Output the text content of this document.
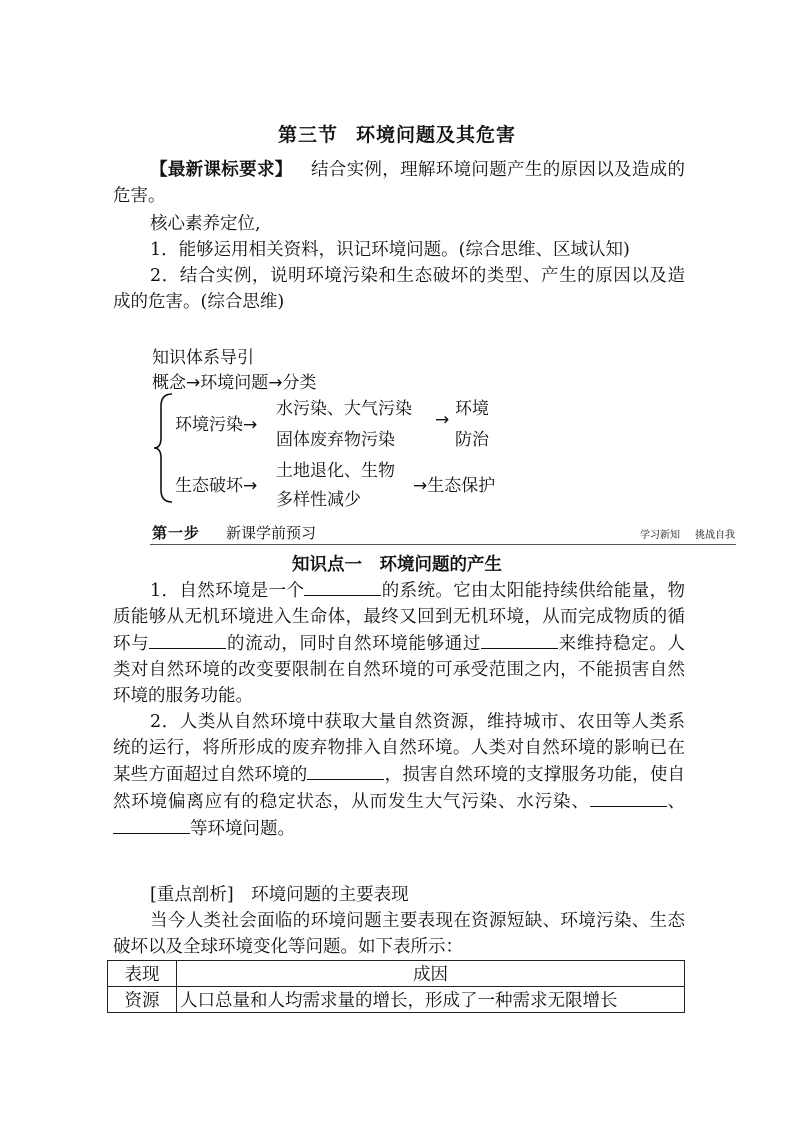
第三节 环境问题及其危害
【最新课标要求】 结合实例，理解环境问题产生的原因以及造成的危害。
核心素养定位,
1．能够运用相关资料，识记环境问题。(综合思维、区域认知)
2．结合实例，说明环境污染和生态破坏的类型、产生的原因以及造成的危害。(综合思维)
知识体系导引
概念→环境问题→分类
环境污染→
水污染、大气污染
固体废弃物污染
→
环境
防治
生态破坏→
土地退化、生物
多样性减少
→生态保护
第一步 新课学前预习	学习新知 挑战自我
知识点一　环境问题的产生
1．自然环境是一个	的系统。它由太阳能持续供给能量，物质能够从无机环境进入生命体，最终又回到无机环境，从而完成物质的循环与	的流动，同时自然环境能够通过	来维持稳定。人类对自然环境的改变要限制在自然环境的可承受范围之内，不能损害自然环境的服务功能。
2．人类从自然环境中获取大量自然资源，维持城市、农田等人类系统的运行，将所形成的废弃物排入自然环境。人类对自然环境的影响已在某些方面超过自然环境的	，损害自然环境的支撑服务功能，使自然环境偏离应有的稳定状态，从而发生大气污染、水污染、	、等环境问题。
[重点剖析]　环境问题的主要表现
当今人类社会面临的环境问题主要表现在资源短缺、环境污染、生态破坏以及全球环境变化等问题。如下表所示：
表现	成因
资源	人口总量和人均需求量的增长，形成了一种需求无限增长
